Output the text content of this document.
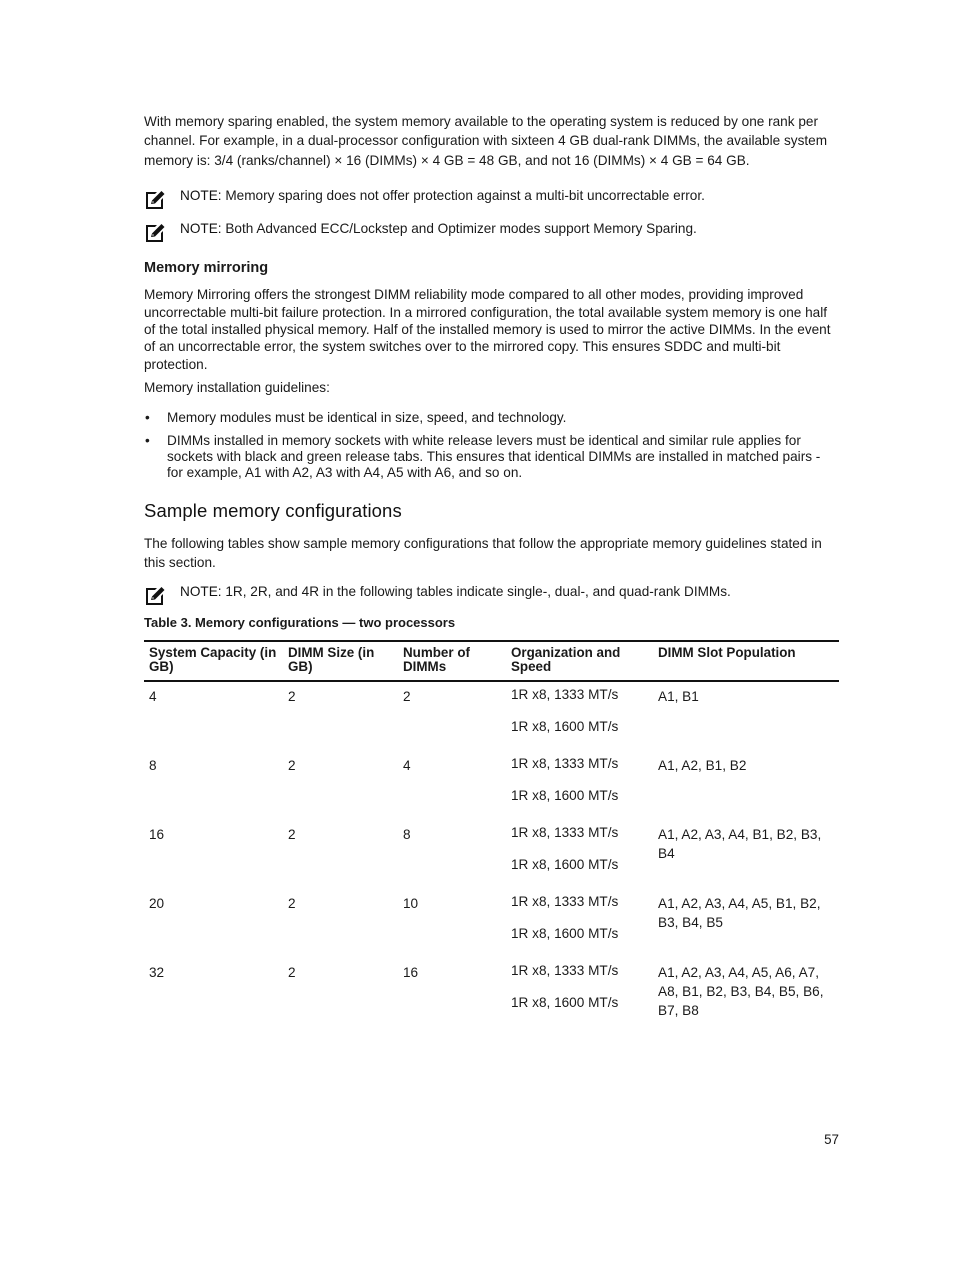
With memory sparing enabled, the system memory available to the operating system is reduced by one rank per channel. For example, in a dual-processor configuration with sixteen 4 GB dual-rank DIMMs, the available system memory is: 3/4 (ranks/channel) × 16 (DIMMs) × 4 GB = 48 GB, and not 16 (DIMMs) × 4 GB = 64 GB.

NOTE: Memory sparing does not offer protection against a multi-bit uncorrectable error.
NOTE: Both Advanced ECC/Lockstep and Optimizer modes support Memory Sparing.
Memory mirroring

Memory Mirroring offers the strongest DIMM reliability mode compared to all other modes, providing improved uncorrectable multi-bit failure protection. In a mirrored configuration, the total available system memory is one half of the total installed physical memory. Half of the installed memory is used to mirror the active DIMMs. In the event of an uncorrectable error, the system switches over to the mirrored copy. This ensures SDDC and multi-bit protection.

Memory installation guidelines:

• Memory modules must be identical in size, speed, and technology.
• DIMMs installed in memory sockets with white release levers must be identical and similar rule applies for sockets with black and green release tabs. This ensures that identical DIMMs are installed in matched pairs - for example, A1 with A2, A3 with A4, A5 with A6, and so on.
Sample memory configurations

The following tables show sample memory configurations that follow the appropriate memory guidelines stated in this section.

NOTE: 1R, 2R, and 4R in the following tables indicate single-, dual-, and quad-rank DIMMs.

Table 3. Memory configurations — two processors

System Capacity (in GB)	DIMM Size (in GB)	Number of DIMMs	Organization and Speed	DIMM Slot Population
4	2	2	1R x8, 1333 MT/s
1R x8, 1600 MT/s	A1, B1
8	2	4	1R x8, 1333 MT/s
1R x8, 1600 MT/s	A1, A2, B1, B2
16	2	8	1R x8, 1333 MT/s
1R x8, 1600 MT/s	A1, A2, A3, A4, B1, B2, B3, B4
20	2	10	1R x8, 1333 MT/s
1R x8, 1600 MT/s	A1, A2, A3, A4, A5, B1, B2, B3, B4, B5
32	2	16	1R x8, 1333 MT/s
1R x8, 1600 MT/s	A1, A2, A3, A4, A5, A6, A7, A8, B1, B2, B3, B4, B5, B6, B7, B8
57
